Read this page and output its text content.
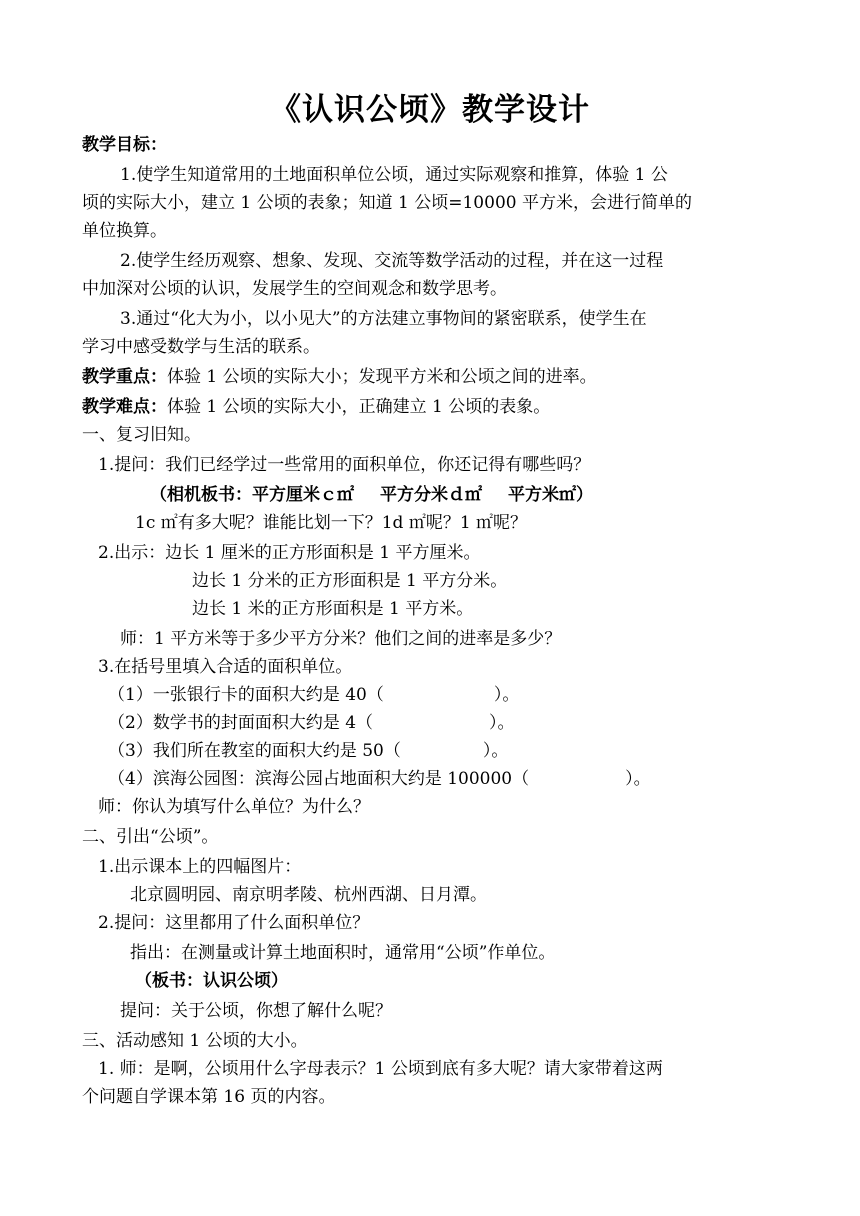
《认识公顷》教学设计
教学目标：
1.使学生知道常用的土地面积单位公顷，通过实际观察和推算，体验 1 公
顷的实际大小，建立 1 公顷的表象；知道 1 公顷=10000 平方米，会进行简单的
单位换算。
2.使学生经历观察、想象、发现、交流等数学活动的过程，并在这一过程
中加深对公顷的认识，发展学生的空间观念和数学思考。
3.通过“化大为小，以小见大”的方法建立事物间的紧密联系，使学生在
学习中感受数学与生活的联系。
教学重点：体验 1 公顷的实际大小；发现平方米和公顷之间的进率。
教学难点：体验 1 公顷的实际大小，正确建立 1 公顷的表象。
一、复习旧知。
1.提问：我们已经学过一些常用的面积单位，你还记得有哪些吗？
（相机板书：平方厘米ｃ㎡ 平方分米ｄ㎡ 平方米㎡）
1c ㎡有多大呢？谁能比划一下？1d ㎡呢？1 ㎡呢？
2.出示：边长 1 厘米的正方形面积是 1 平方厘米。
边长 1 分米的正方形面积是 1 平方分米。
边长 1 米的正方形面积是 1 平方米。
师：1 平方米等于多少平方分米？他们之间的进率是多少？
3.在括号里填入合适的面积单位。
（1）一张银行卡的面积大约是 40（	）。
（2）数学书的封面面积大约是 4（	）。
（3）我们所在教室的面积大约是 50（	）。
（4）滨海公园图：滨海公园占地面积大约是 100000（	）。
师：你认为填写什么单位？为什么？
二、引出“公顷”。
1.出示课本上的四幅图片：
北京圆明园、南京明孝陵、杭州西湖、日月潭。
2.提问：这里都用了什么面积单位？
指出：在测量或计算土地面积时，通常用“公顷”作单位。
（板书：认识公顷）
提问：关于公顷，你想了解什么呢？
三、活动感知 1 公顷的大小。
1. 师：是啊，公顷用什么字母表示？1 公顷到底有多大呢？请大家带着这两
个问题自学课本第 16 页的内容。
